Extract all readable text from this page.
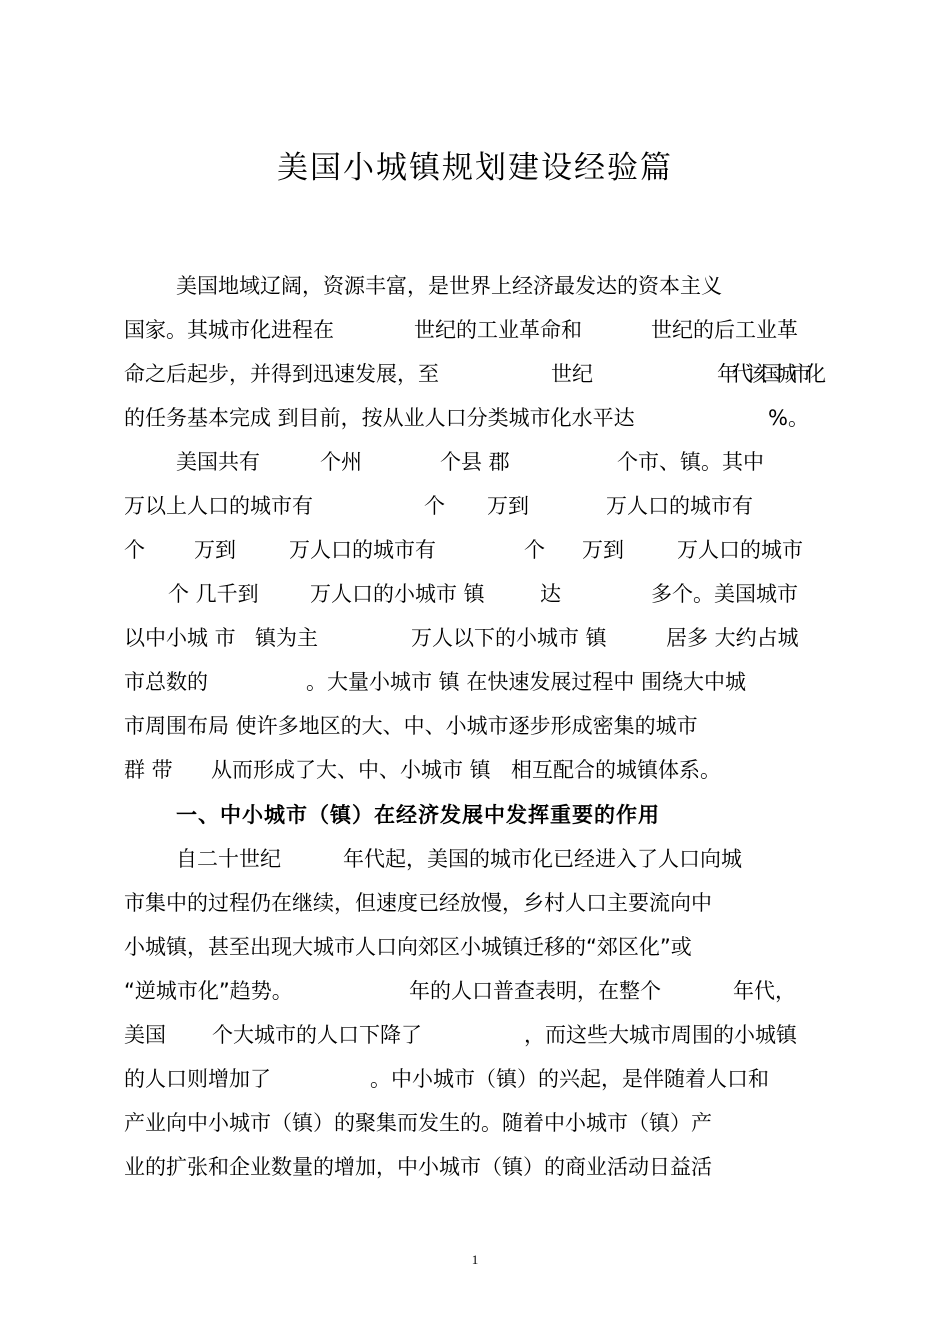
美国小城镇规划建设经验篇
美国地域辽阔，资源丰富，是世界上经济最发达的资本主义
国家。其城市化进程在	世纪的工业革命和	世纪的后工业革
命之后起步，并得到迅速发展，至	世纪	年代该国城市化
的任务基本完成 到目前，按从业人口分类城市化水平达	%。
美国共有	个州	个县 郡	个市、镇。其中
万以上人口的城市有	个 万到	万人口的城市有
个 万到	万人口的城市有	个 万到	万人口的城市
个 几千到 万人口的小城市 镇	达	多个。美国城市
以中小城 市 镇为主	万人以下的小城市 镇	居多 大约占城
市总数的	。大量小城市 镇 在快速发展过程中 围绕大中城
市周围布局 使许多地区的大、中、小城市逐步形成密集的城市
群 带 从而形成了大、中、小城市 镇 相互配合的城镇体系。
一、中小城市（镇）在经济发展中发挥重要的作用
自二十世纪	年代起，美国的城市化已经进入了人口向城
市集中的过程仍在继续，但速度已经放慢，乡村人口主要流向中
小城镇，甚至出现大城市人口向郊区小城镇迁移的“郊区化”或
“逆城市化”趋势。	年的人口普查表明，在整个	年代，
美国 个大城市的人口下降了	，而这些大城市周围的小城镇
的人口则增加了	。中小城市（镇）的兴起，是伴随着人口和
产业向中小城市（镇）的聚集而发生的。随着中小城市（镇）产
业的扩张和企业数量的增加，中小城市（镇）的商业活动日益活
1
